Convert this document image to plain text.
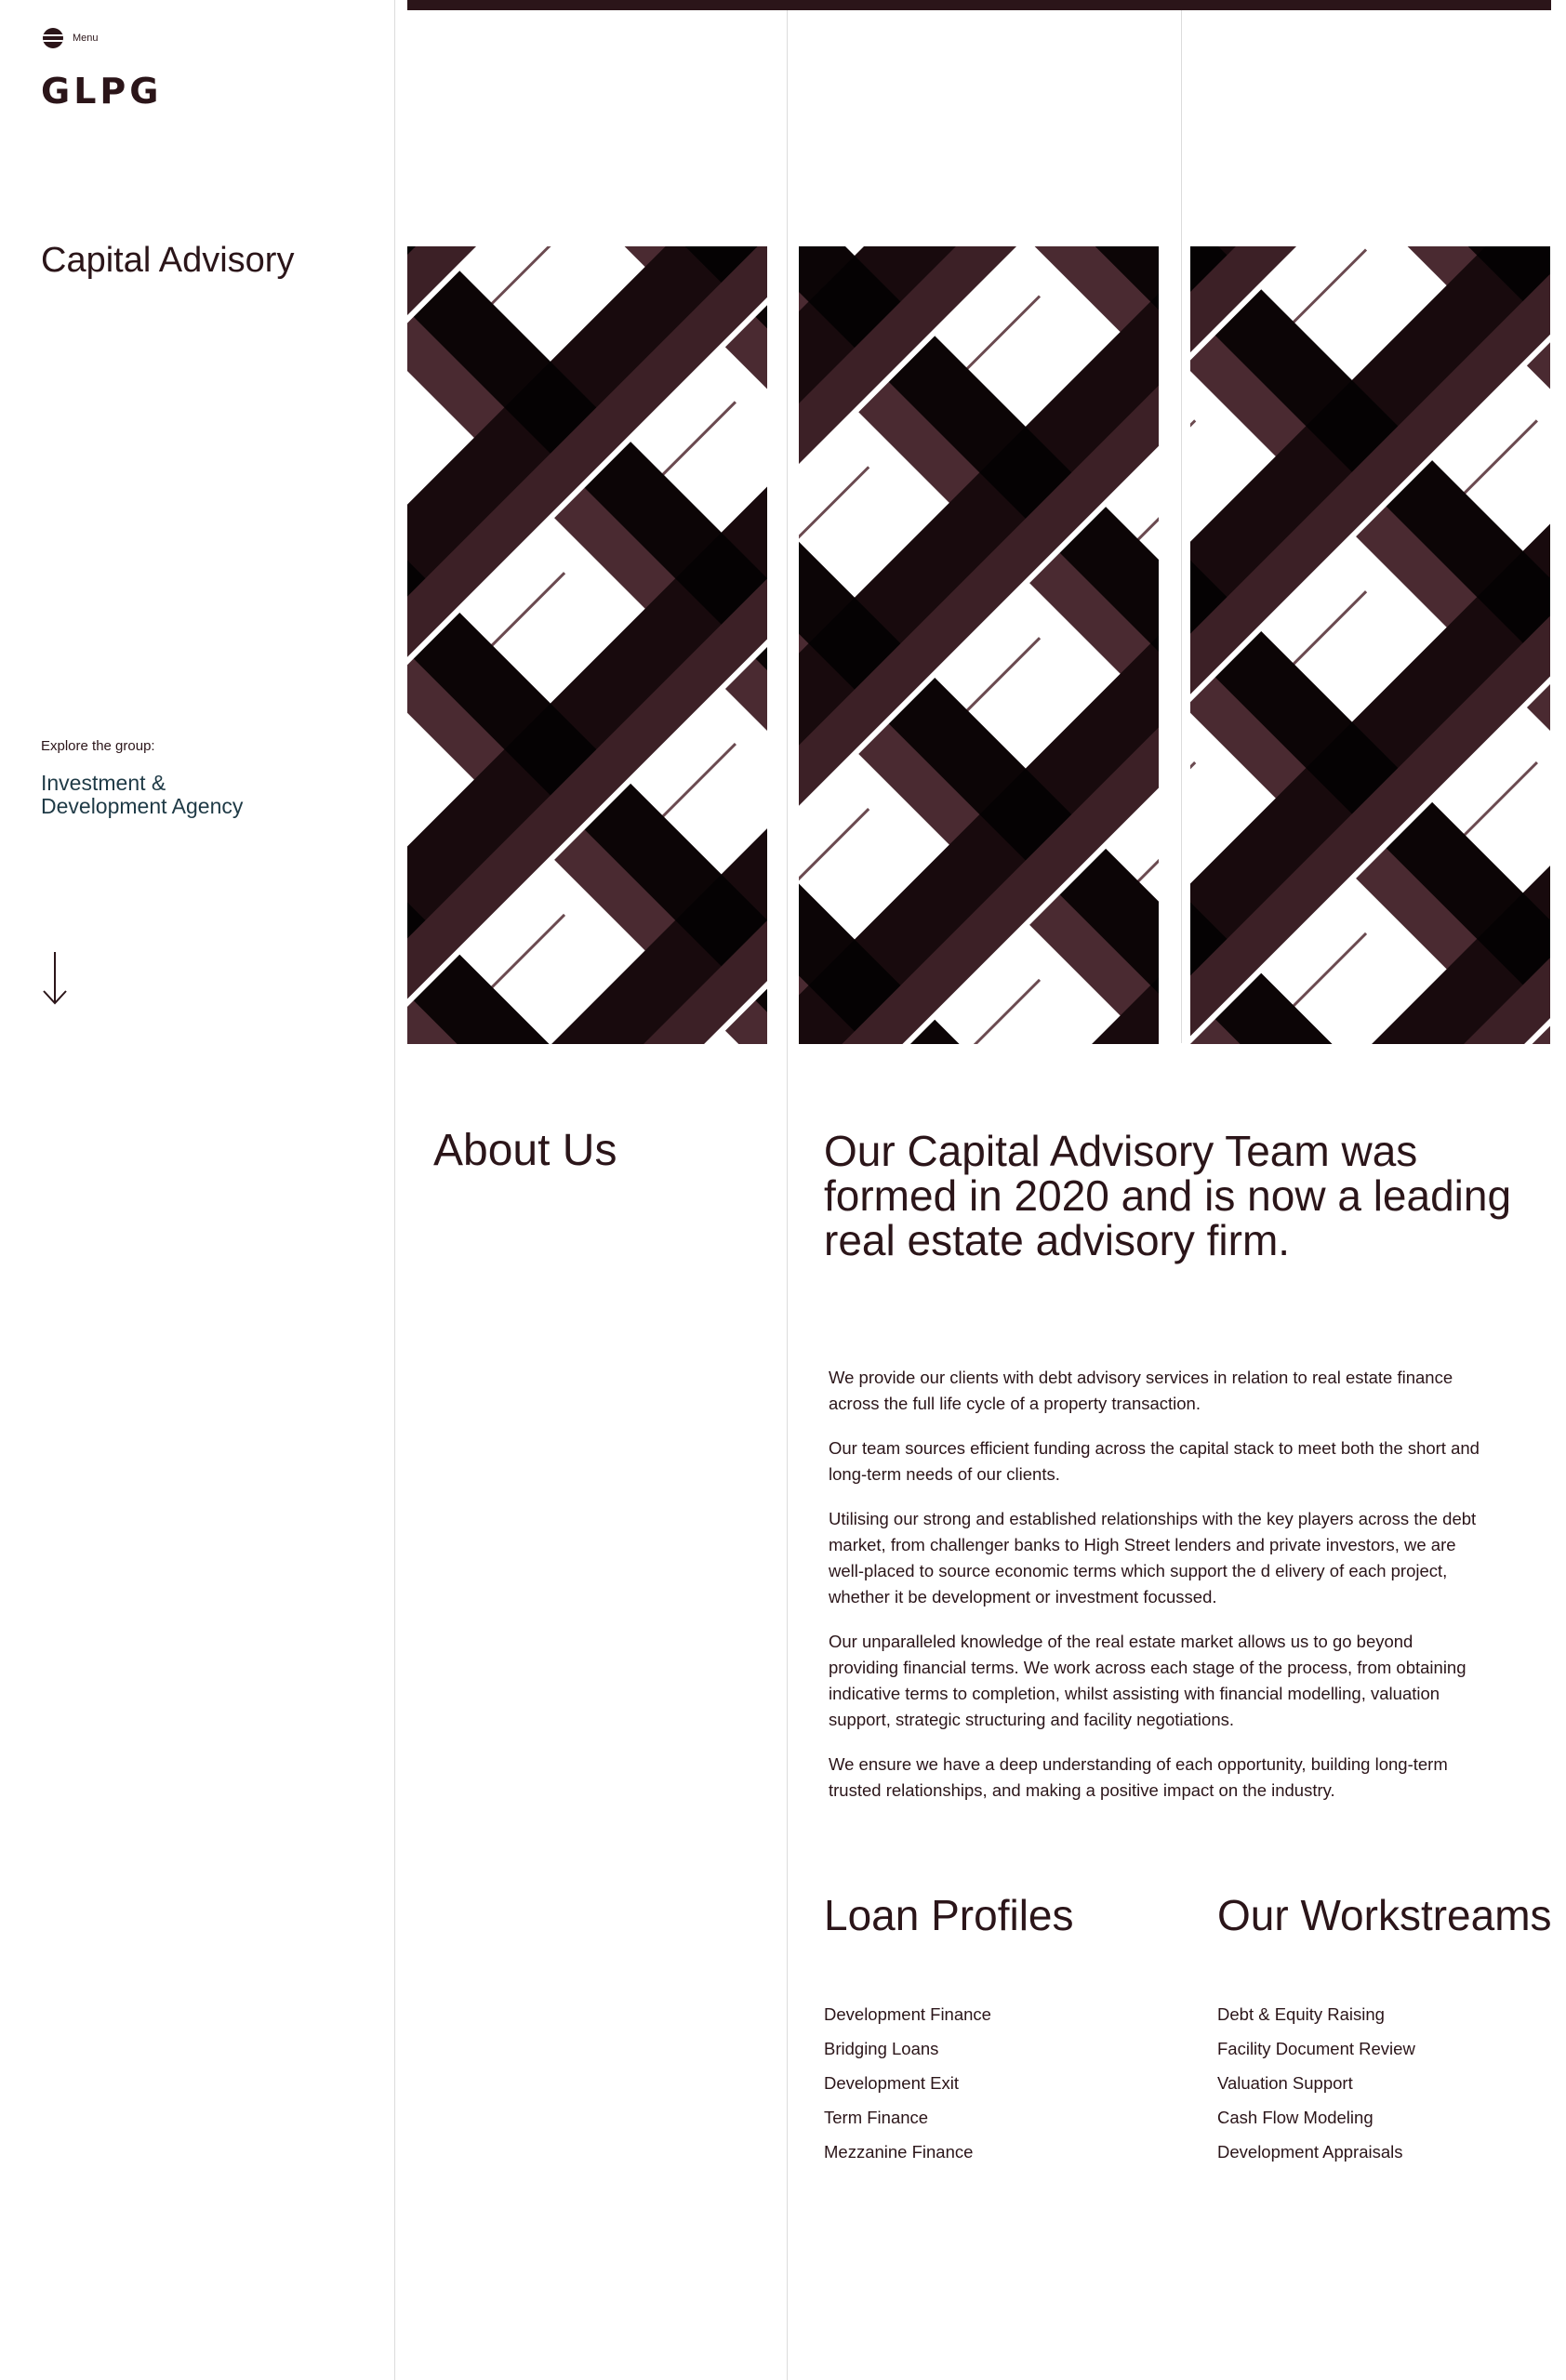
Menu
GLPG
Capital Advisory
Explore the group:
Investment & Development Agency
About Us	Our Capital Advisory Team was formed in 2020 and is now a leading real estate advisory firm.

We provide our clients with debt advisory services in relation to real estate finance across the full life cycle of a property transaction.

Our team sources efficient funding across the capital stack to meet both the short and long-term needs of our clients.

Utilising our strong and established relationships with the key players across the debt market, from challenger banks to High Street lenders and private investors, we are well-placed to source economic terms which support the d elivery of each project, whether it be development or investment focussed.

Our unparalleled knowledge of the real estate market allows us to go beyond providing financial terms. We work across each stage of the process, from obtaining indicative terms to completion, whilst assisting with financial modelling, valuation support, strategic structuring and facility negotiations.

We ensure we have a deep understanding of each opportunity, building long-term trusted relationships, and making a positive impact on the industry.

Loan Profiles
Development Finance
Bridging Loans
Development Exit
Term Finance
Mezzanine Finance
Our Workstreams
Debt & Equity Raising
Facility Document Review
Valuation Support
Cash Flow Modeling
Development Appraisals
